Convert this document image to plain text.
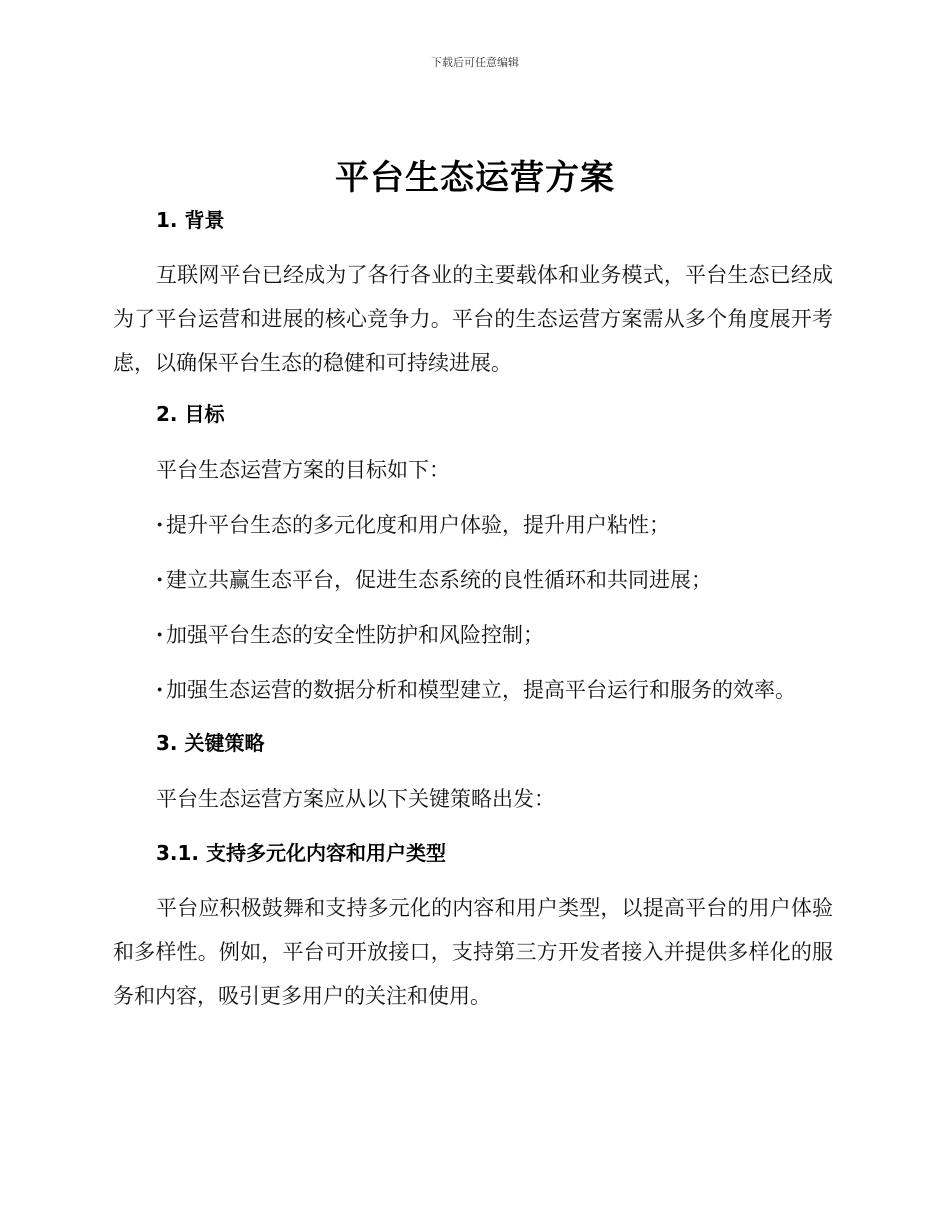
下载后可任意编辑
平台生态运营方案
1. 背景

互联网平台已经成为了各行各业的主要载体和业务模式，平台生态已经成为了平台运营和进展的核心竞争力。平台的生态运营方案需从多个角度展开考虑，以确保平台生态的稳健和可持续进展。

2. 目标

平台生态运营方案的目标如下：

· 提升平台生态的多元化度和用户体验，提升用户粘性；

· 建立共赢生态平台，促进生态系统的良性循环和共同进展；

· 加强平台生态的安全性防护和风险控制；

· 加强生态运营的数据分析和模型建立，提高平台运行和服务的效率。

3. 关键策略

平台生态运营方案应从以下关键策略出发：

3.1. 支持多元化内容和用户类型

平台应积极鼓舞和支持多元化的内容和用户类型，以提高平台的用户体验和多样性。例如，平台可开放接口，支持第三方开发者接入并提供多样化的服务和内容，吸引更多用户的关注和使用。
